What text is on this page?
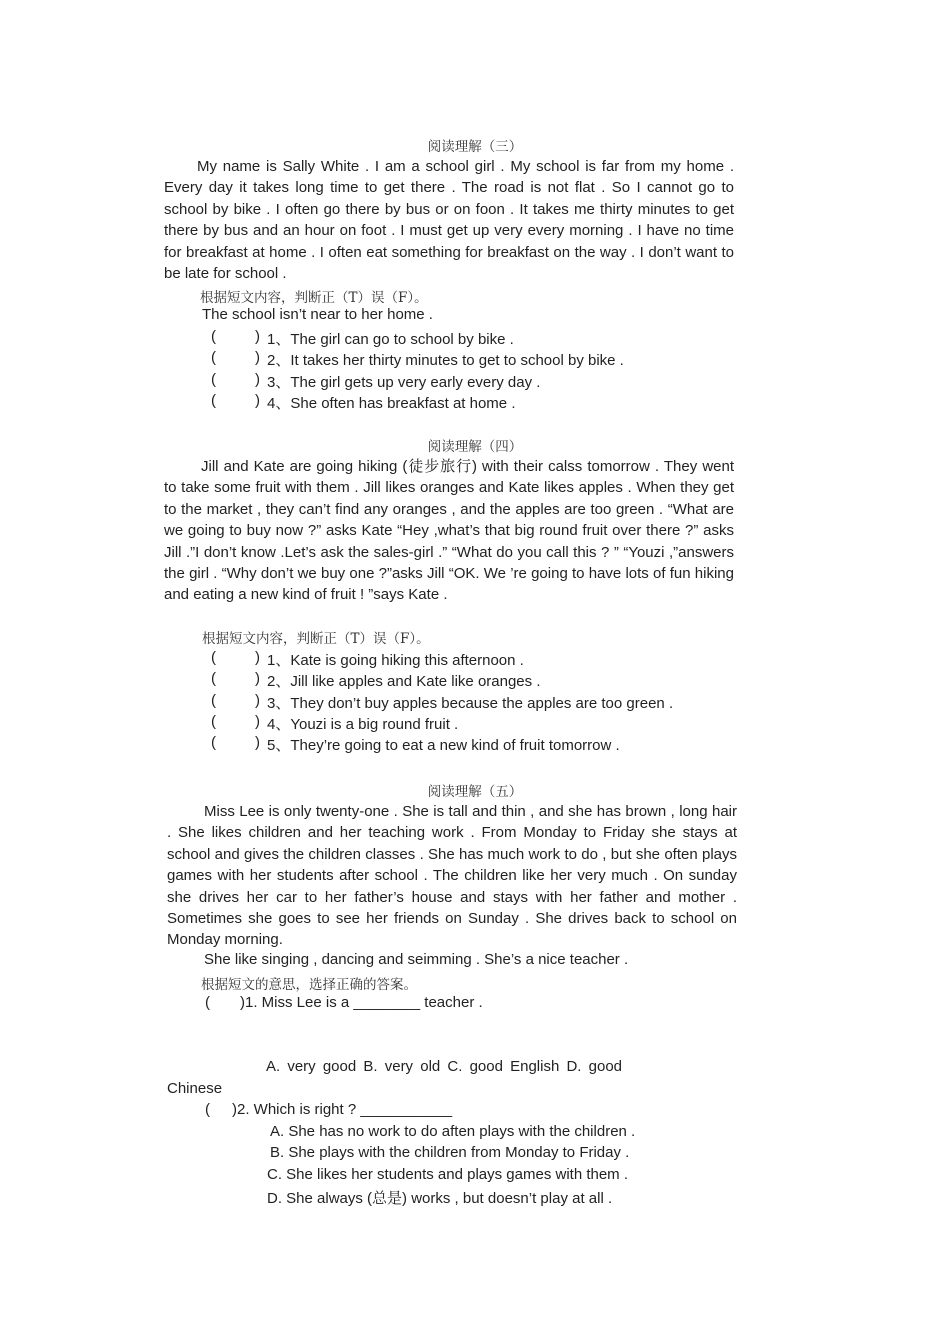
阅读理解（三）
My name is Sally White . I am a school girl . My school is far from my home . Every day it takes long time to get there . The road is not flat . So I cannot go to school by bike . I often go there by bus or on foon . It takes me thirty minutes to get there by bus and an hour on foot . I must get up very every morning . I have no time for breakfast at home . I often eat something for breakfast on the way . I don’t want to be late for school .
根据短文内容，判断正（T）误（F）。
The school isn’t near to her home .
(	) 1、The girl can go to school by bike .
(	) 2、It takes her thirty minutes to get to school by bike .
(	) 3、The girl gets up very early every day .
(	) 4、She often has breakfast at home .
阅读理解（四）
Jill and Kate are going hiking (徒步旅行) with their calss tomorrow . They went to take some fruit with them . Jill likes oranges and Kate likes apples . When they get to the market , they can’t find any oranges , and the apples are too green . “What are we going to buy now ?” asks Kate “Hey ,what’s that big round fruit over there ?” asks Jill .”I don’t know .Let’s ask the sales-girl .” “What do you call this ? ” “Youzi ,”answers the girl . “Why don’t we buy one ?”asks Jill “OK. We ’re going to have lots of fun hiking and eating a new kind of fruit ! ”says Kate .
根据短文内容，判断正（T）误（F）。
(	) 1、Kate is going hiking this afternoon .
(	) 2、Jill like apples and Kate like oranges .
(	) 3、They don’t buy apples because the apples are too green .
(	) 4、Youzi is a big round fruit .
(	) 5、They’re going to eat a new kind of fruit tomorrow .
阅读理解（五）
Miss Lee is only twenty-one . She is tall and thin , and she has brown , long hair . She likes children and her teaching work . From Monday to Friday she stays at school and gives the children classes . She has much work to do , but she often plays games with her students after school . The children like her very much . On sunday she drives her car to her father’s house and stays with her father and mother . Sometimes she goes to see her friends on Sunday . She drives back to school on Monday morning.
She like singing , dancing and seimming . She’s a nice teacher .
根据短文的意思，选择正确的答案。
( )1. Miss Lee is a ________ teacher .
A. very good B. very old C. good English D. good
Chinese
( )2. Which is right ? ___________
A. She has no work to do aften plays with the children .
B. She plays with the children from Monday to Friday .
C. She likes her students and plays games with them .
D. She always (总是) works , but doesn’t play at all .
